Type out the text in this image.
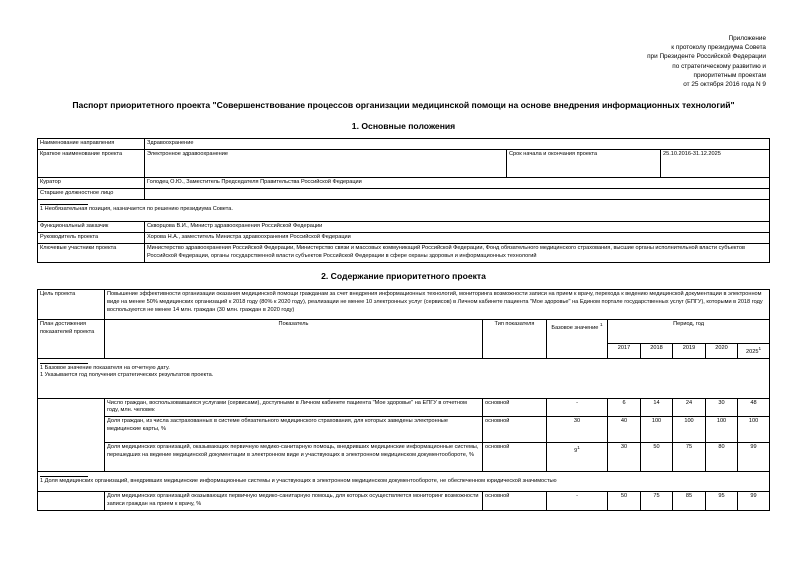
Приложение
к протоколу президиума Совета
при Президенте Российской Федерации
по стратегическому развитию и
приоритетным проектам
от 25 октября 2016 года N 9
Паспорт приоритетного проекта "Совершенствование процессов организации медицинской помощи на основе внедрения информационных технологий"
1. Основные положения
Наименование направления	Здравоохранение		
Краткое наименование проекта	Электронное здравоохранение	Срок начала и окончания проекта	25.10.2016-31.12.2025
Куратор	Голодец О.Ю., Заместитель Председателя Правительства Российской Федерации		
Старшее должностное лицо			

1 Необязательная позиция, назначается по решению президиума Совета.			
Функциональный заказчик	Скворцова В.И., Министр здравоохранения Российской Федерации		
Руководитель проекта	Хорова Н.А., заместитель Министра здравоохранения Российской Федерации		
Ключевые участники проекта	Министерство здравоохранения Российской Федерации, Министерство связи и массовых коммуникаций Российской Федерации, Фонд обязательного медицинского страхования, высшие органы исполнительной власти субъектов Российской Федерации, органы государственной власти субъектов Российской Федерации в сфере охраны здоровья и информационных технологий		
2. Содержание приоритетного проекта
Цель проекта	Повышение эффективности организации оказания медицинской помощи гражданам за счет внедрения информационных технологий, мониторинга возможности записи на прием к врачу, перехода к ведению медицинской документации в электронном виде на менее 50% медицинских организаций к 2018 году (80% к 2020 году), реализации не менее 10 электронных услуг (сервисов) в Личном кабинете пациента "Мое здоровье" на Едином портале государственных услуг (ЕПГУ), которыми в 2018 году воспользуются не менее 14 млн. граждан (30 млн. граждан в 2020 году)							
План достижения показателей проекта	Показатель	Тип показателя	Базовое значение $^1$	Период, год				
				2017	2018	2019	2020	2025$^1$

1 Базовое значение показателя на отчетную дату.
1 Указывается год получения стратегических результатов проекта.								

	Число граждан, воспользовавшихся услугами (сервисами), доступными в Личном кабинете пациента "Мое здоровье" на ЕПГУ в отчетном году, млн. человек	основной	-	6	14	24	30	48
	Доля граждан, из числа застрахованных в системе обязательного медицинского страхования, для которых заведены электронные медицинские карты, %	основной	30	40	100	100	100	100
	Доля медицинских организаций, оказывающих первичную медико-санитарную помощь, внедривших медицинские информационные системы, перешедших на ведение медицинской документации в электронном виде и участвующих в электронном медицинском документообороте, %	основной	$9^1$	30	50	75	80	99

1 Доля медицинских организаций, внедривших медицинские информационные системы и участвующих в электронном медицинском документообороте, не обеспеченном юридической значимостью								
	Доля медицинских организаций оказывающих первичную медико-санитарную помощь, для которых осуществляется мониторинг возможности записи граждан на прием к врачу, %	основной	-	50	75	85	95	99
